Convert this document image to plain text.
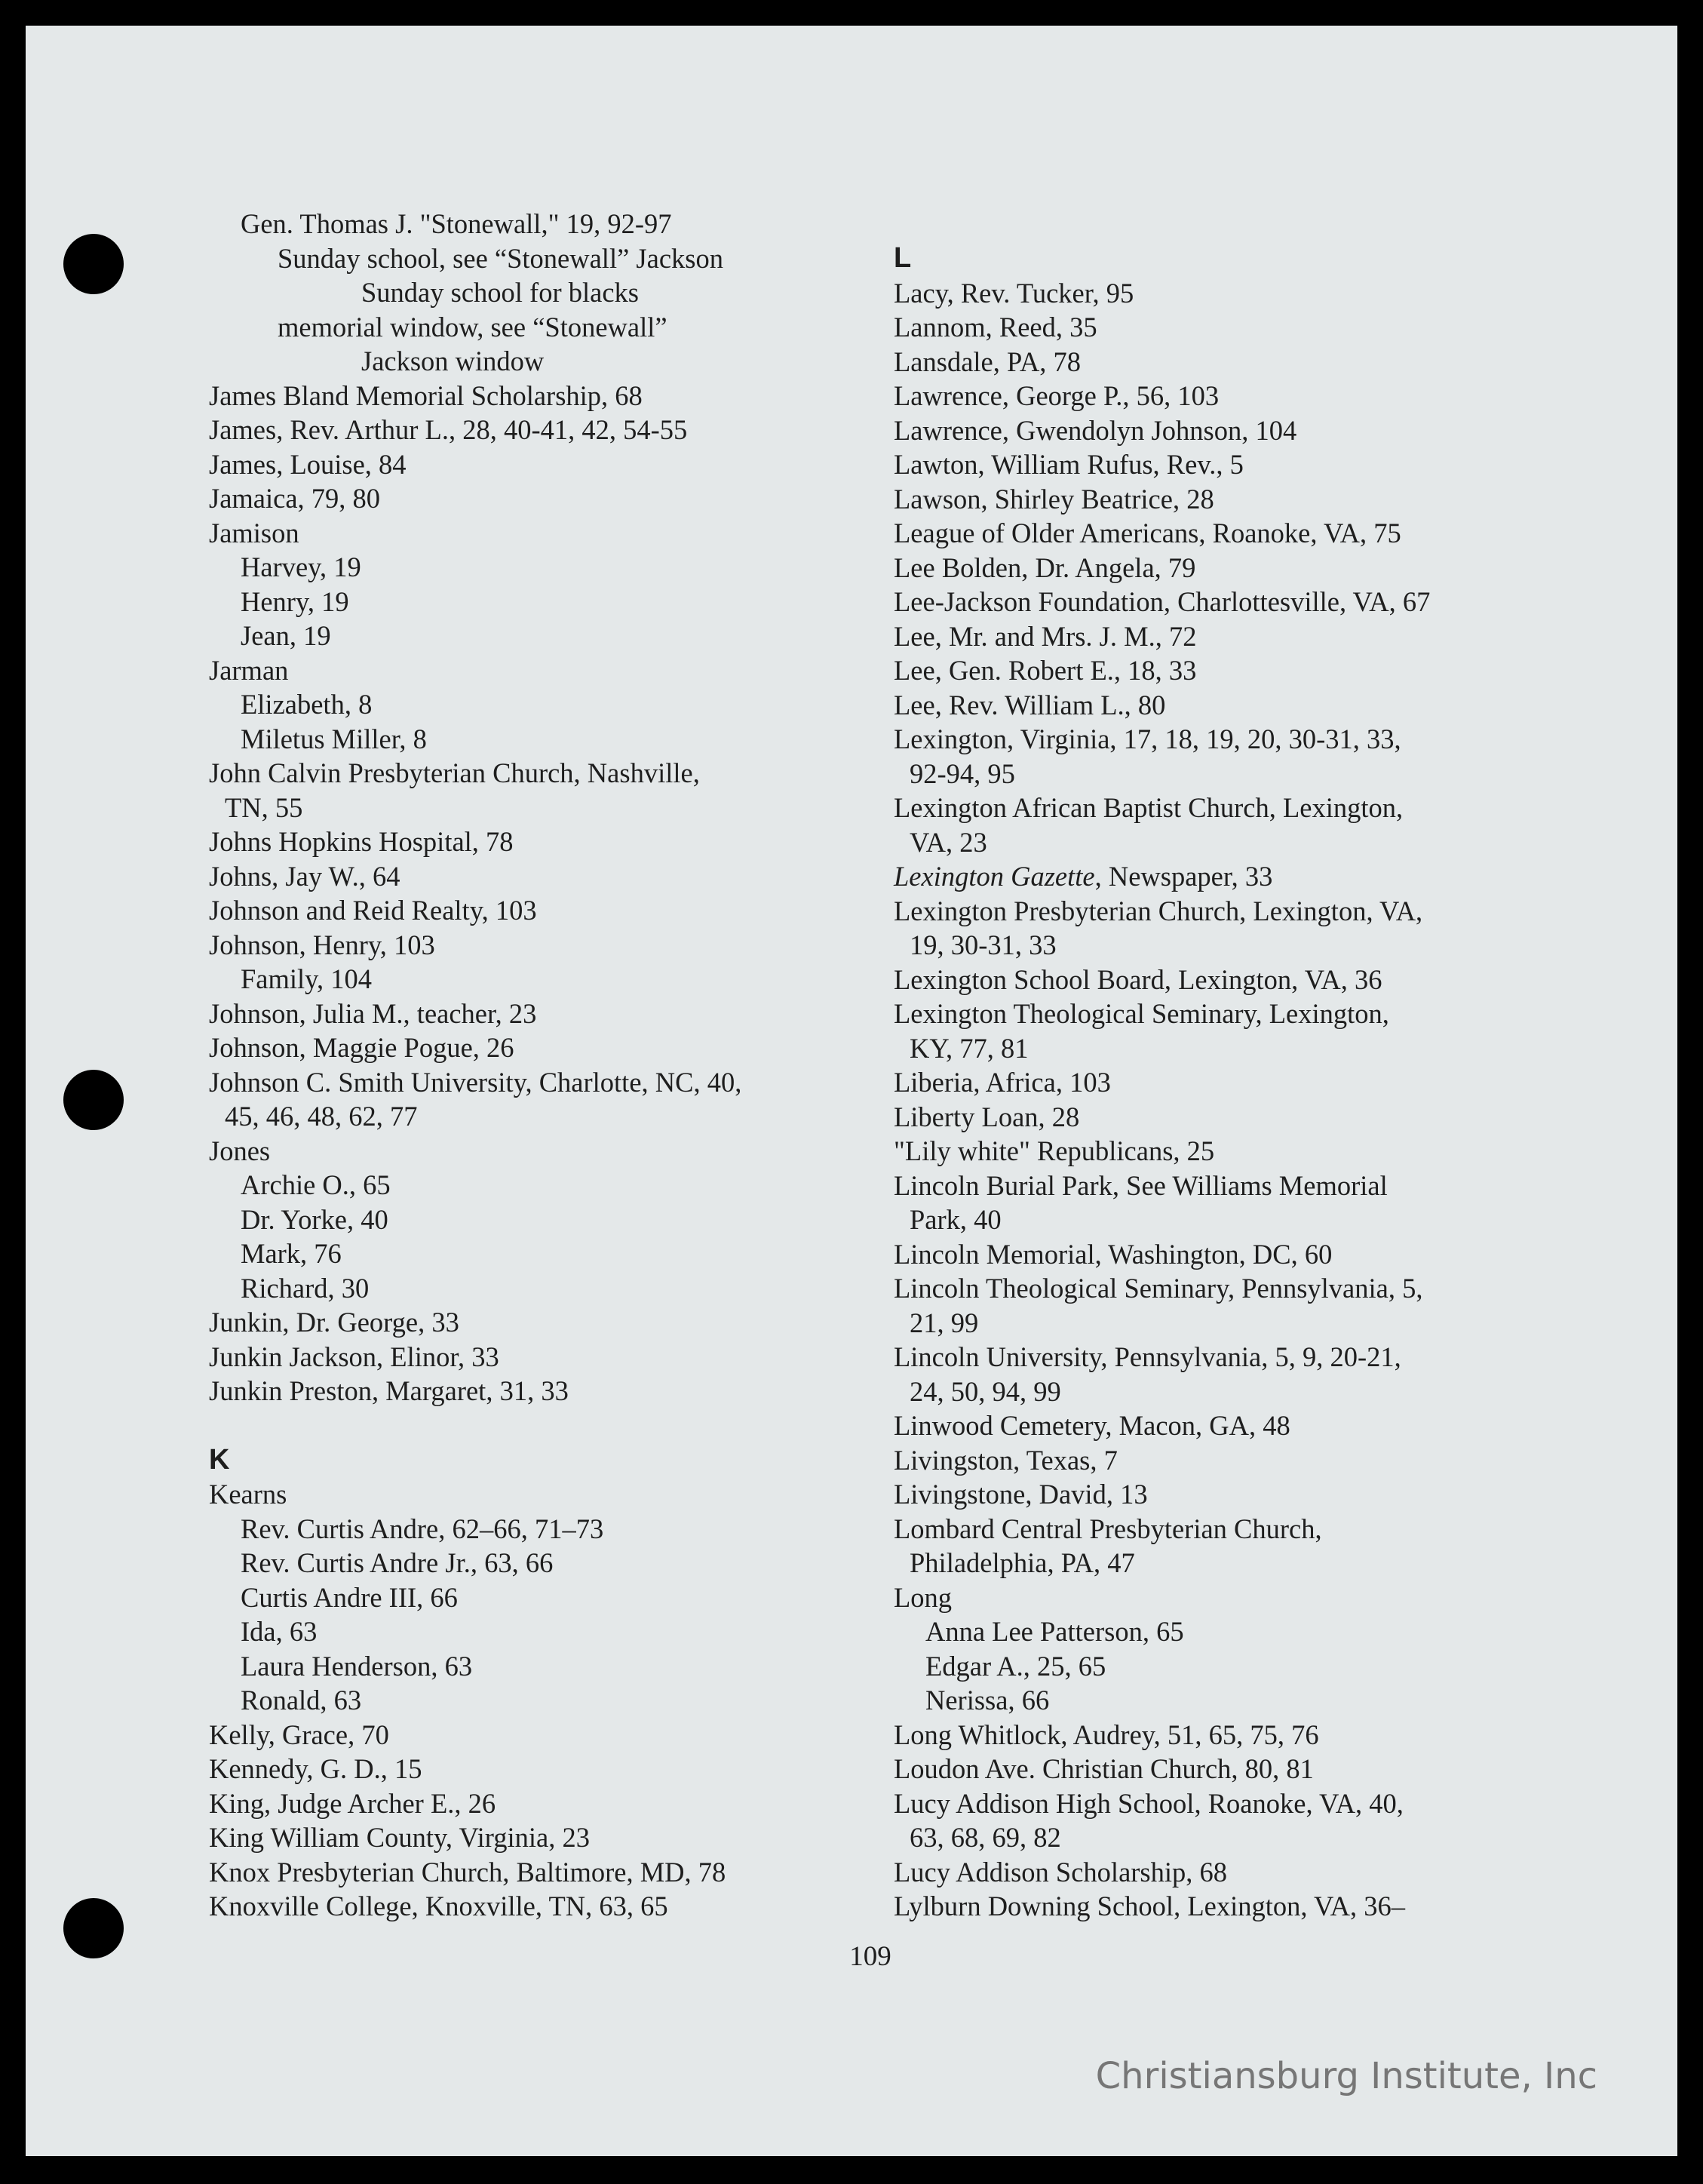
Gen. Thomas J. "Stonewall," 19, 92-97
Sunday school, see “Stonewall” Jackson
Sunday school for blacks
memorial window, see “Stonewall”
Jackson window
James Bland Memorial Scholarship, 68
James, Rev. Arthur L., 28, 40-41, 42, 54-55
James, Louise, 84
Jamaica, 79, 80
Jamison
Harvey, 19
Henry, 19
Jean, 19
Jarman
Elizabeth, 8
Miletus Miller, 8
John Calvin Presbyterian Church, Nashville,
TN, 55
Johns Hopkins Hospital, 78
Johns, Jay W., 64
Johnson and Reid Realty, 103
Johnson, Henry, 103
Family, 104
Johnson, Julia M., teacher, 23
Johnson, Maggie Pogue, 26
Johnson C. Smith University, Charlotte, NC, 40,
45, 46, 48, 62, 77
Jones
Archie O., 65
Dr. Yorke, 40
Mark, 76
Richard, 30
Junkin, Dr. George, 33
Junkin Jackson, Elinor, 33
Junkin Preston, Margaret, 31, 33
K
Kearns
Rev. Curtis Andre, 62–66, 71–73
Rev. Curtis Andre Jr., 63, 66
Curtis Andre III, 66
Ida, 63
Laura Henderson, 63
Ronald, 63
Kelly, Grace, 70
Kennedy, G. D., 15
King, Judge Archer E., 26
King William County, Virginia, 23
Knox Presbyterian Church, Baltimore, MD, 78
Knoxville College, Knoxville, TN, 63, 65
L
Lacy, Rev. Tucker, 95
Lannom, Reed, 35
Lansdale, PA, 78
Lawrence, George P., 56, 103
Lawrence, Gwendolyn Johnson, 104
Lawton, William Rufus, Rev., 5
Lawson, Shirley Beatrice, 28
League of Older Americans, Roanoke, VA, 75
Lee Bolden, Dr. Angela, 79
Lee-Jackson Foundation, Charlottesville, VA, 67
Lee, Mr. and Mrs. J. M., 72
Lee, Gen. Robert E., 18, 33
Lee, Rev. William L., 80
Lexington, Virginia, 17, 18, 19, 20, 30-31, 33,
92-94, 95
Lexington African Baptist Church, Lexington,
VA, 23
Lexington Gazette, Newspaper, 33
Lexington Presbyterian Church, Lexington, VA,
19, 30-31, 33
Lexington School Board, Lexington, VA, 36
Lexington Theological Seminary, Lexington,
KY, 77, 81
Liberia, Africa, 103
Liberty Loan, 28
"Lily white" Republicans, 25
Lincoln Burial Park, See Williams Memorial
Park, 40
Lincoln Memorial, Washington, DC, 60
Lincoln Theological Seminary, Pennsylvania, 5,
21, 99
Lincoln University, Pennsylvania, 5, 9, 20-21,
24, 50, 94, 99
Linwood Cemetery, Macon, GA, 48
Livingston, Texas, 7
Livingstone, David, 13
Lombard Central Presbyterian Church,
Philadelphia, PA, 47
Long
Anna Lee Patterson, 65
Edgar A., 25, 65
Nerissa, 66
Long Whitlock, Audrey, 51, 65, 75, 76
Loudon Ave. Christian Church, 80, 81
Lucy Addison High School, Roanoke, VA, 40,
63, 68, 69, 82
Lucy Addison Scholarship, 68
Lylburn Downing School, Lexington, VA, 36–
109
Christiansburg Institute, Inc
